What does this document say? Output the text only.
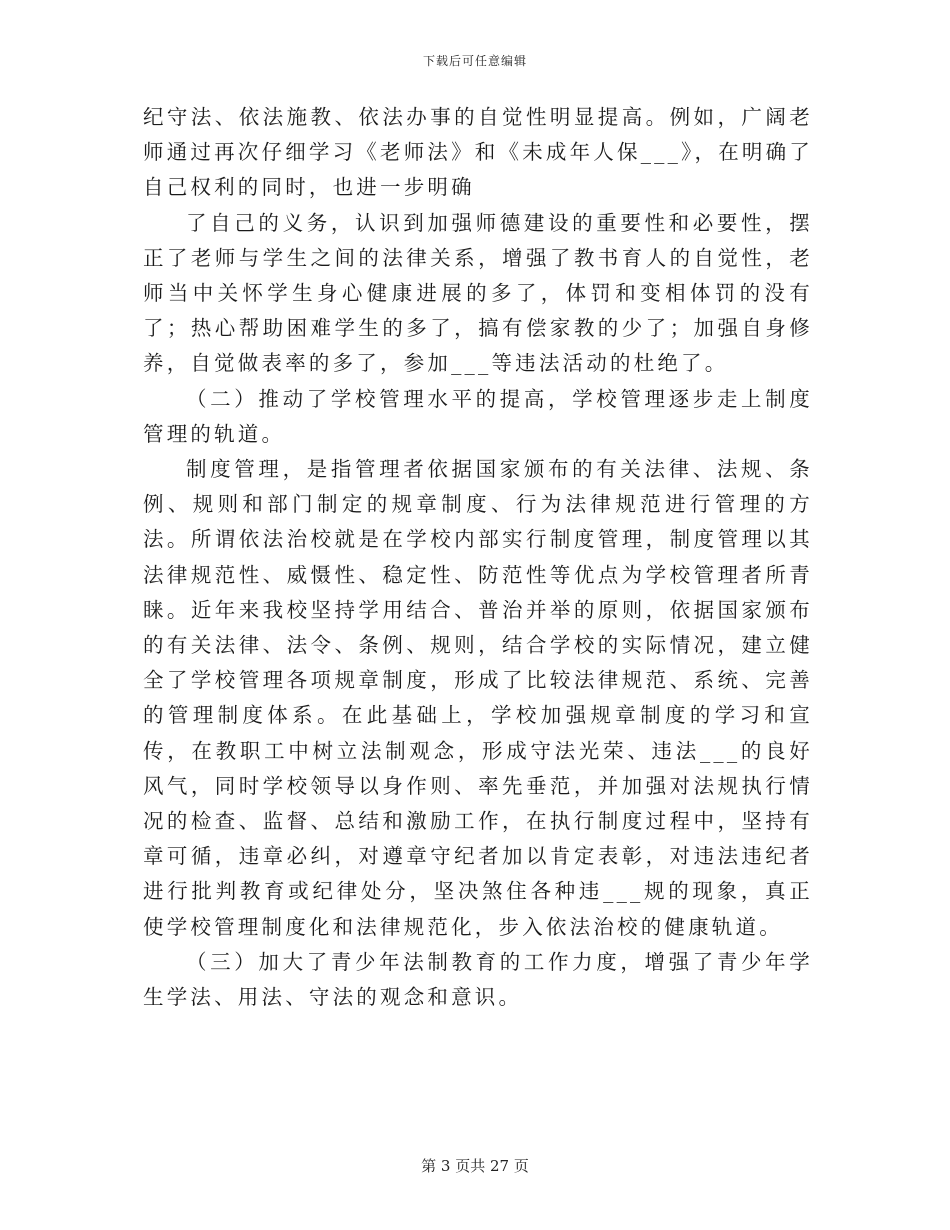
下载后可任意编辑

纪守法、依法施教、依法办事的自觉性明显提高。例如，广阔老师通过再次仔细学习《老师法》和《未成年人保___》，在明确了自己权利的同时，也进一步明确

了自己的义务，认识到加强师德建设的重要性和必要性，摆正了老师与学生之间的法律关系，增强了教书育人的自觉性，老师当中关怀学生身心健康进展的多了，体罚和变相体罚的没有了；热心帮助困难学生的多了，搞有偿家教的少了；加强自身修养，自觉做表率的多了，参加___等违法活动的杜绝了。

（二）推动了学校管理水平的提高，学校管理逐步走上制度管理的轨道。

制度管理，是指管理者依据国家颁布的有关法律、法规、条例、规则和部门制定的规章制度、行为法律规范进行管理的方法。所谓依法治校就是在学校内部实行制度管理，制度管理以其法律规范性、威慑性、稳定性、防范性等优点为学校管理者所青睐。近年来我校坚持学用结合、普治并举的原则，依据国家颁布的有关法律、法令、条例、规则，结合学校的实际情况，建立健全了学校管理各项规章制度，形成了比较法律规范、系统、完善的管理制度体系。在此基础上，学校加强规章制度的学习和宣传，在教职工中树立法制观念，形成守法光荣、违法___的良好风气，同时学校领导以身作则、率先垂范，并加强对法规执行情况的检查、监督、总结和激励工作，在执行制度过程中，坚持有章可循，违章必纠，对遵章守纪者加以肯定表彰，对违法违纪者进行批判教育或纪律处分，坚决煞住各种违___规的现象，真正使学校管理制度化和法律规范化，步入依法治校的健康轨道。

（三）加大了青少年法制教育的工作力度，增强了青少年学生学法、用法、守法的观念和意识。

第 3 页共 27 页
